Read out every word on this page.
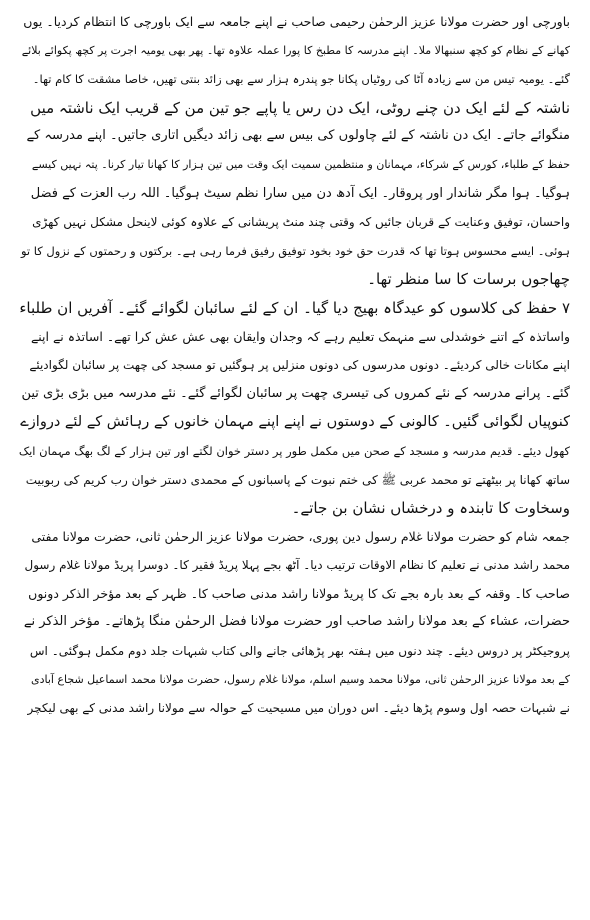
باورچی اور حضرت مولانا عزیز الرحمٰن رحیمی صاحب نے اپنے جامعہ سے ایک باورچی کا انتظام کردیا۔ یوں
کھانے کے نظام کو کچھ سنبھالا ملا۔ اپنے مدرسہ کا مطبخ کا پورا عملہ علاوہ تھا۔ پھر بھی یومیہ اجرت پر کچھ پکوائے بلائے
گئے۔ یومیہ تیس من سے زیادہ آٹا کی روٹیاں پکانا جو پندرہ ہزار سے بھی زائد بنتی تھیں، خاصا مشقت کا کام تھا۔
ناشتہ کے لئے ایک دن چنے روٹی، ایک دن رس یا پاپے جو تین من کے قریب ایک ناشتہ میں
منگوائے جاتے۔ ایک دن ناشتہ کے لئے چاولوں کی بیس سے بھی زائد دیگیں اتاری جاتیں۔ اپنے مدرسہ کے
حفظ کے طلباء، کورس کے شرکاء، مہمانان و منتظمین سمیت ایک وقت میں تین ہزار کا کھانا تیار کرنا۔ پتہ نہیں کیسے
ہوگیا۔ ہوا مگر شاندار اور پروقار۔ ایک آدھ دن میں سارا نظم سیٹ ہوگیا۔ اللہ رب العزت کے فضل
واحسان، توفیق وعنایت کے قربان جائیں کہ وقتی چند منٹ پریشانی کے علاوہ کوئی لاینحل مشکل نہیں کھڑی
ہوئی۔ ایسے محسوس ہوتا تھا کہ قدرت حق خود بخود توفیق رفیق فرما رہی ہے۔ برکتوں و رحمتوں کے نزول کا تو
چھاجوں برسات کا سا منظر تھا۔
۷ حفظ کی کلاسوں کو عیدگاہ بھیج دیا گیا۔ ان کے لئے سائبان لگوائے گئے۔ آفریں ان طلباء
واساتذہ کے اتنے خوشدلی سے منہمک تعلیم رہے کہ وجدان وایقان بھی عش عش کرا تھے۔ اساتذہ نے اپنے
اپنے مکانات خالی کردیئے۔ دونوں مدرسوں کی دونوں منزلیں پر ہوگئیں تو مسجد کی چھت پر سائبان لگوادیئے
گئے۔ پرانے مدرسہ کے نئے کمروں کی تیسری چھت پر سائبان لگوائے گئے۔ نئے مدرسہ میں بڑی بڑی تین
کنوپیاں لگوائی گئیں۔ کالونی کے دوستوں نے اپنے اپنے مہمان خانوں کے رہائش کے لئے دروازے
کھول دیئے۔ قدیم مدرسہ و مسجد کے صحن میں مکمل طور پر دستر خوان لگتے اور تین ہزار کے لگ بھگ مہمان ایک
ساتھ کھانا پر بیٹھتے تو محمد عربی ﷺ کی ختم نبوت کے پاسبانوں کے محمدی دستر خوان رب کریم کی ربوبیت
وسخاوت کا تابندہ و درخشاں نشان بن جاتے۔
جمعہ شام کو حضرت مولانا غلام رسول دین پوری، حضرت مولانا عزیز الرحمٰن ثانی، حضرت مولانا مفتی
محمد راشد مدنی نے تعلیم کا نظام الاوقات ترتیب دیا۔ آٹھ بجے پہلا پریڈ فقیر کا۔ دوسرا پریڈ مولانا غلام رسول
صاحب کا۔ وقفہ کے بعد بارہ بجے تک کا پریڈ مولانا راشد مدنی صاحب کا۔ ظہر کے بعد مؤخر الذکر دونوں
حضرات، عشاء کے بعد مولانا راشد صاحب اور حضرت مولانا فضل الرحمٰن منگا پڑھاتے۔ مؤخر الذکر نے
پروجیکٹر پر دروس دیئے۔ چند دنوں میں ہفتہ بھر پڑھائی جانے والی کتاب شبہات جلد دوم مکمل ہوگئی۔ اس
کے بعد مولانا عزیز الرحمٰن ثانی، مولانا محمد وسیم اسلم، مولانا غلام رسول، حضرت مولانا محمد اسماعیل شجاع آبادی
نے شبہات حصہ اول وسوم پڑھا دیئے۔ اس دوران میں مسیحیت کے حوالہ سے مولانا راشد مدنی کے بھی لیکچر
